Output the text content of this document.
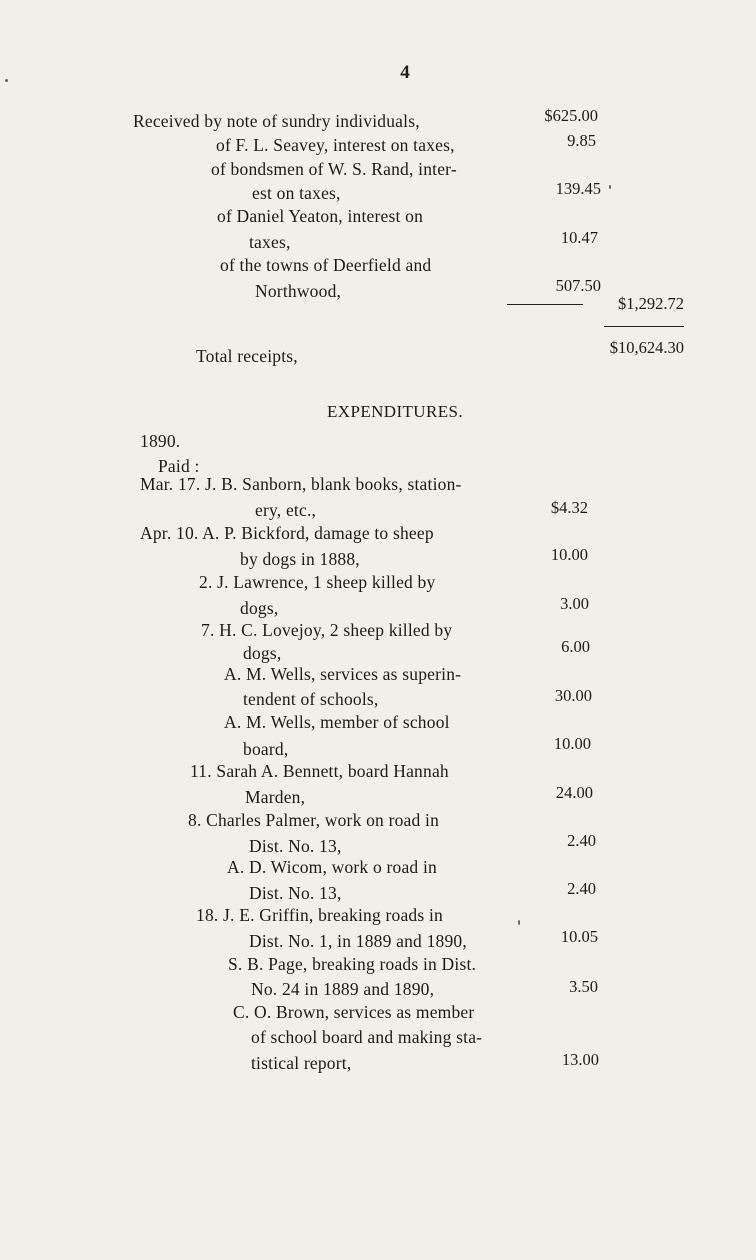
4
Received by note of sundry individuals,
of F. L. Seavey, interest on taxes,
of bondsmen of W. S. Rand, inter-
est on taxes,
of Daniel Yeaton, interest on
taxes,
of the towns of Deerfield and
Northwood,
$625.00
9.85
139.45
10.47
507.50
$1,292.72
Total receipts,	$10,624.30
EXPENDITURES.
1890.
Paid :
Mar. 17. J. B. Sanborn, blank books, station-
ery, etc.,
Apr. 10. A. P. Bickford, damage to sheep
by dogs in 1888,
2. J. Lawrence, 1 sheep killed by
dogs,
7. H. C. Lovejoy, 2 sheep killed by
dogs,
A. M. Wells, services as superin-
tendent of schools,
A. M. Wells, member of school
board,
11. Sarah A. Bennett, board Hannah
Marden,
8. Charles Palmer, work on road in
Dist. No. 13,
A. D. Wicom, work o road in
Dist. No. 13,
18. J. E. Griffin, breaking roads in
Dist. No. 1, in 1889 and 1890,
S. B. Page, breaking roads in Dist.
No. 24 in 1889 and 1890,
C. O. Brown, services as member
of school board and making sta-
tistical report,
$4.32
10.00
3.00
6.00
30.00
10.00
24.00
2.40
2.40
10.05
3.50
13.00
